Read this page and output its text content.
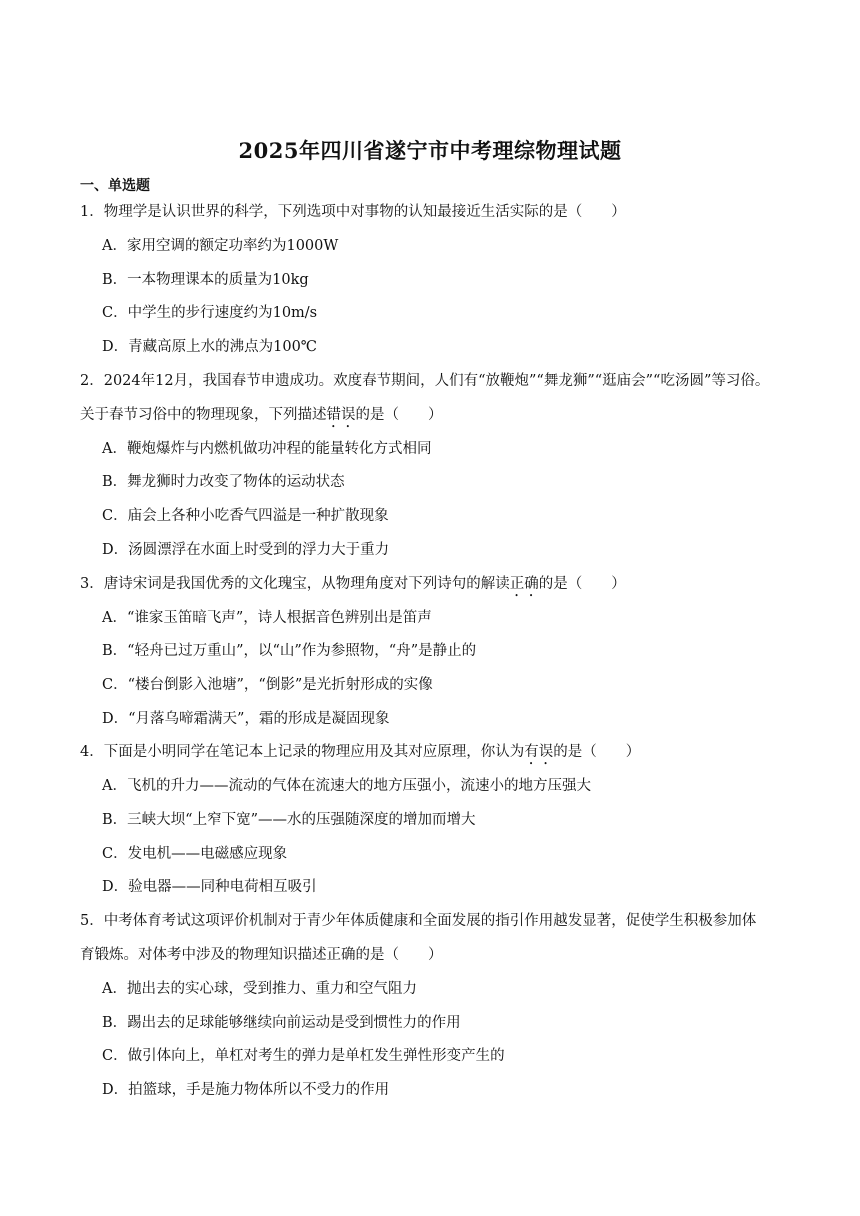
2025年四川省遂宁市中考理综物理试题
一、单选题
1．物理学是认识世界的科学，下列选项中对事物的认知最接近生活实际的是（　　）
A．家用空调的额定功率约为1000W
B．一本物理课本的质量为10kg
C．中学生的步行速度约为10m/s
D．青藏高原上水的沸点为100℃
2．2024年12月，我国春节申遗成功。欢度春节期间，人们有“放鞭炮”“舞龙狮”“逛庙会”“吃汤圆”等习俗。
关于春节习俗中的物理现象，下列描述错误的是（　　）
A．鞭炮爆炸与内燃机做功冲程的能量转化方式相同
B．舞龙狮时力改变了物体的运动状态
C．庙会上各种小吃香气四溢是一种扩散现象
D．汤圆漂浮在水面上时受到的浮力大于重力
3．唐诗宋词是我国优秀的文化瑰宝，从物理角度对下列诗句的解读正确的是（　　）
A．“谁家玉笛暗飞声”，诗人根据音色辨别出是笛声
B．“轻舟已过万重山”，以“山”作为参照物，“舟”是静止的
C．“楼台倒影入池塘”，“倒影”是光折射形成的实像
D．“月落乌啼霜满天”，霜的形成是凝固现象
4．下面是小明同学在笔记本上记录的物理应用及其对应原理，你认为有误的是（　　）
A．飞机的升力——流动的气体在流速大的地方压强小，流速小的地方压强大
B．三峡大坝“上窄下宽”——水的压强随深度的增加而增大
C．发电机——电磁感应现象
D．验电器——同种电荷相互吸引
5．中考体育考试这项评价机制对于青少年体质健康和全面发展的指引作用越发显著，促使学生积极参加体
育锻炼。对体考中涉及的物理知识描述正确的是（　　）
A．抛出去的实心球，受到推力、重力和空气阻力
B．踢出去的足球能够继续向前运动是受到惯性力的作用
C．做引体向上，单杠对考生的弹力是单杠发生弹性形变产生的
D．拍篮球，手是施力物体所以不受力的作用
